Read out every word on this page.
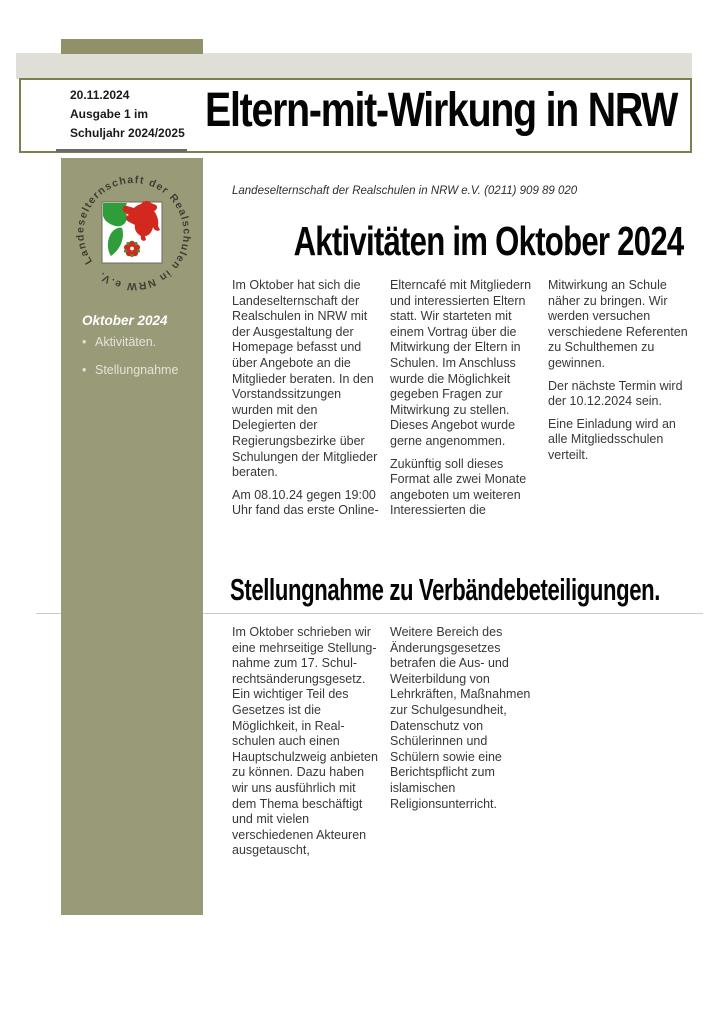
20.11.2024
Ausgabe 1 im
Schuljahr 2024/2025 Eltern-mit-Wirkung in NRW
Landeselternschaft der Realschulen in NRW e.V.
Oktober 2024
• Aktivitäten.
• Stellungnahme
Landeselternschaft der Realschulen in NRW e.V. (0211) 909 89 020
Aktivitäten im Oktober 2024

Im Oktober hat sich die Landeselternschaft der Realschulen in NRW mit der Ausgestaltung der Homepage befasst und über Angebote an die Mitglieder beraten. In den Vorstandssitzungen wurden mit den Delegierten der Regierungsbezirke über Schulungen der Mitglieder beraten.

Am 08.10.24 gegen 19:00 Uhr fand das erste Online-

Elterncafé mit Mitgliedern und interessierten Eltern statt. Wir starteten mit einem Vortrag über die Mitwirkung der Eltern in Schulen. Im Anschluss wurde die Möglichkeit gegeben Fragen zur Mitwirkung zu stellen. Dieses Angebot wurde gerne angenommen.

Zukünftig soll dieses Format alle zwei Monate angeboten um weiteren Interessierten die

Mitwirkung an Schule näher zu bringen. Wir werden versuchen verschiedene Referenten zu Schulthemen zu gewinnen.

Der nächste Termin wird der 10.12.2024 sein.

Eine Einladung wird an alle Mitgliedsschulen verteilt.

Stellungnahme zu Verbändebeteiligungen.

Im Oktober schrieben wir eine mehrseitige Stellung- nahme zum 17. Schul- rechtsänderungsgesetz. Ein wichtiger Teil des Gesetzes ist die Möglichkeit, in Real- schulen auch einen Hauptschulzweig anbieten zu können. Dazu haben wir uns ausführlich mit dem Thema beschäftigt und mit vielen verschiedenen Akteuren ausgetauscht,

Weitere Bereich des Änderungsgesetzes betrafen die Aus- und Weiterbildung von Lehrkräften, Maßnahmen zur Schulgesundheit, Datenschutz von Schülerinnen und Schülern sowie eine Berichtspflicht zum islamischen Religionsunterricht.
